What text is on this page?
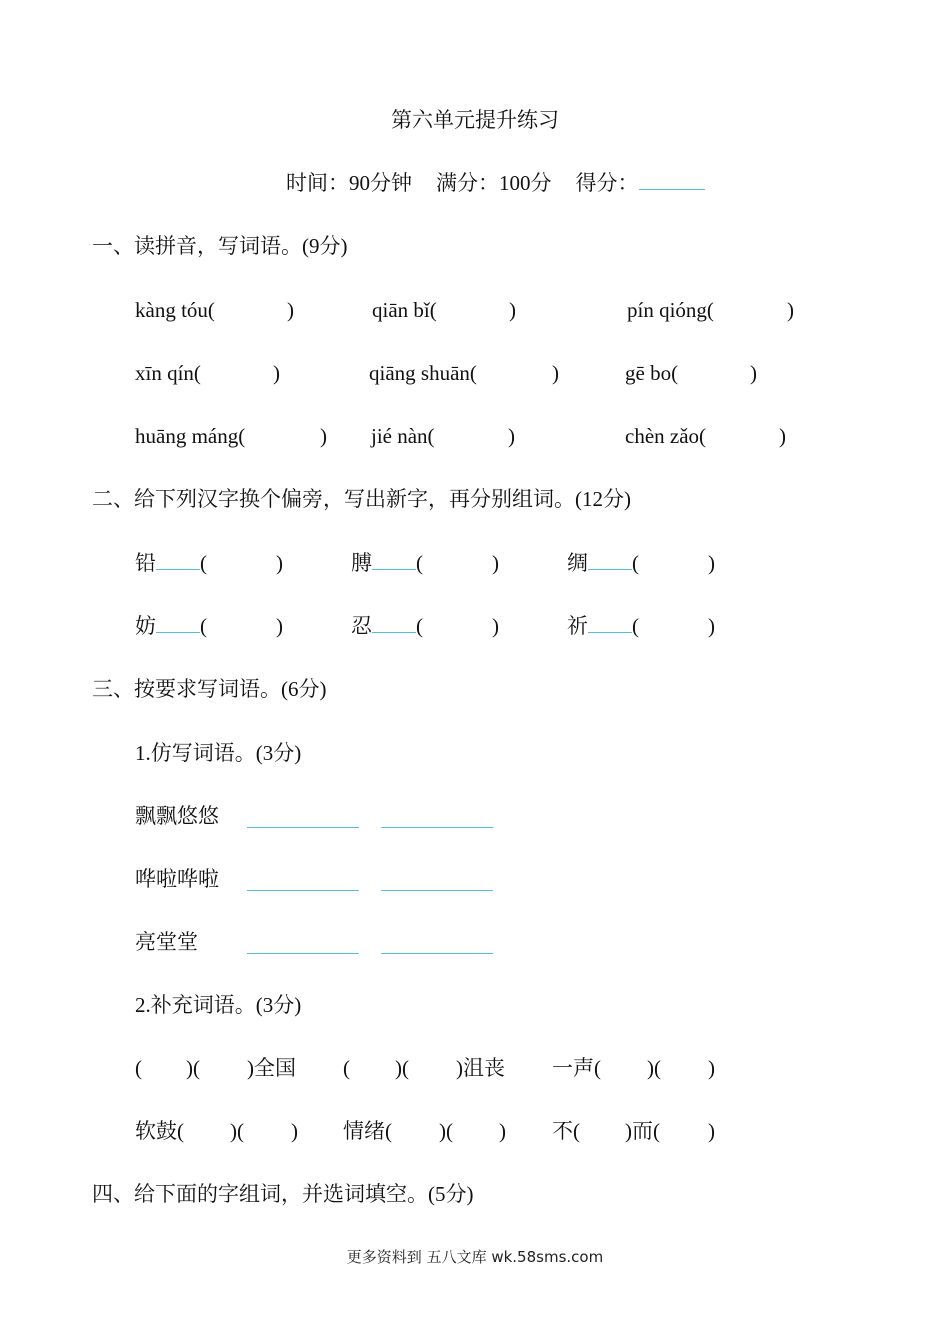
第六单元提升练习
时间：90分钟 满分：100分 得分：
一、读拼音，写词语。(9分)
kàng tóu(	)	qiān bǐ(	)	pín qióng(	)
xīn qín(	)	qiāng shuān(	)	gē bo(	)
huāng máng(	) jié nàn(	)	chèn zǎo(	)
二、给下列汉字换个偏旁，写出新字，再分别组词。(12分)
铅 (	)	膊 (	)	绸 (	)
妨 (	)	忍 (	)	祈 (	)
三、按要求写词语。(6分)
1.仿写词语。(3分)
飘飘悠悠
哗啦哗啦
亮堂堂
2.补充词语。(3分)
( )( )全国 ( )( )沮丧 一声( )( )
软鼓( )( ) 情绪( )( ) 不( )而( )
四、给下面的字组词，并选词填空。(5分)
更多资料到 五八文库 wk.58sms.com
